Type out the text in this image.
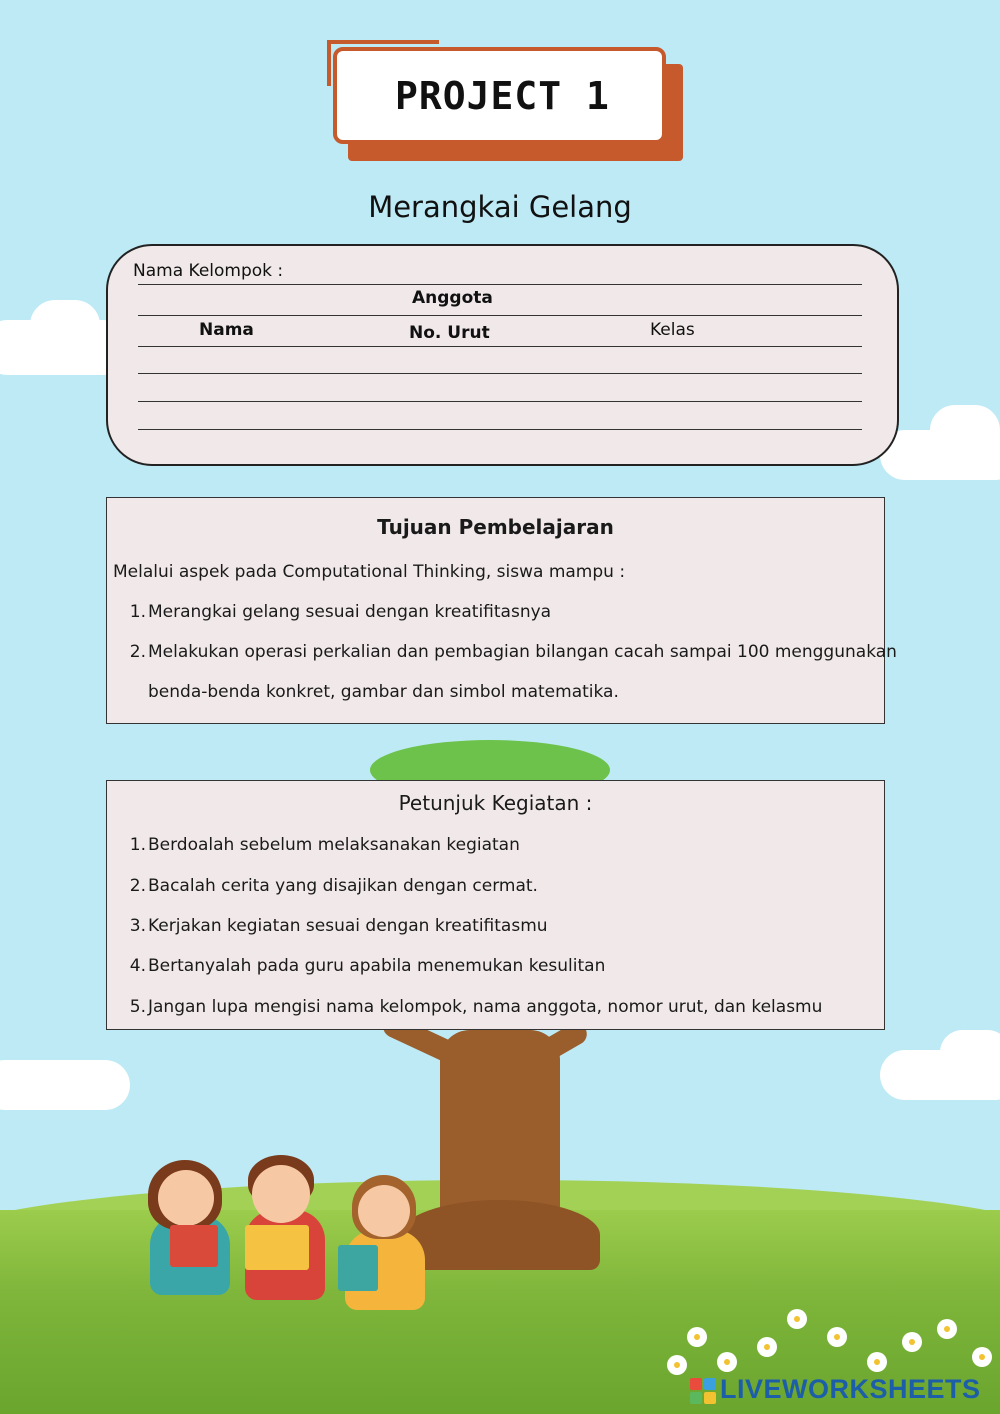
PROJECT 1
Merangkai Gelang
Nama Kelompok :
Anggota
Nama	No. Urut	Kelas
Tujuan Pembelajaran
Melalui aspek pada Computational Thinking, siswa mampu :
1. Merangkai gelang sesuai dengan kreatifitasnya
2. Melakukan operasi perkalian dan pembagian bilangan cacah sampai 100 menggunakan
benda-benda konkret, gambar dan simbol matematika.
Petunjuk Kegiatan :
1. Berdoalah sebelum melaksanakan kegiatan
2. Bacalah cerita yang disajikan dengan cermat.
3. Kerjakan kegiatan sesuai dengan kreatifitasmu
4. Bertanyalah pada guru apabila menemukan kesulitan
5. Jangan lupa mengisi nama kelompok, nama anggota, nomor urut, dan kelasmu
LIVEWORKSHEETS
